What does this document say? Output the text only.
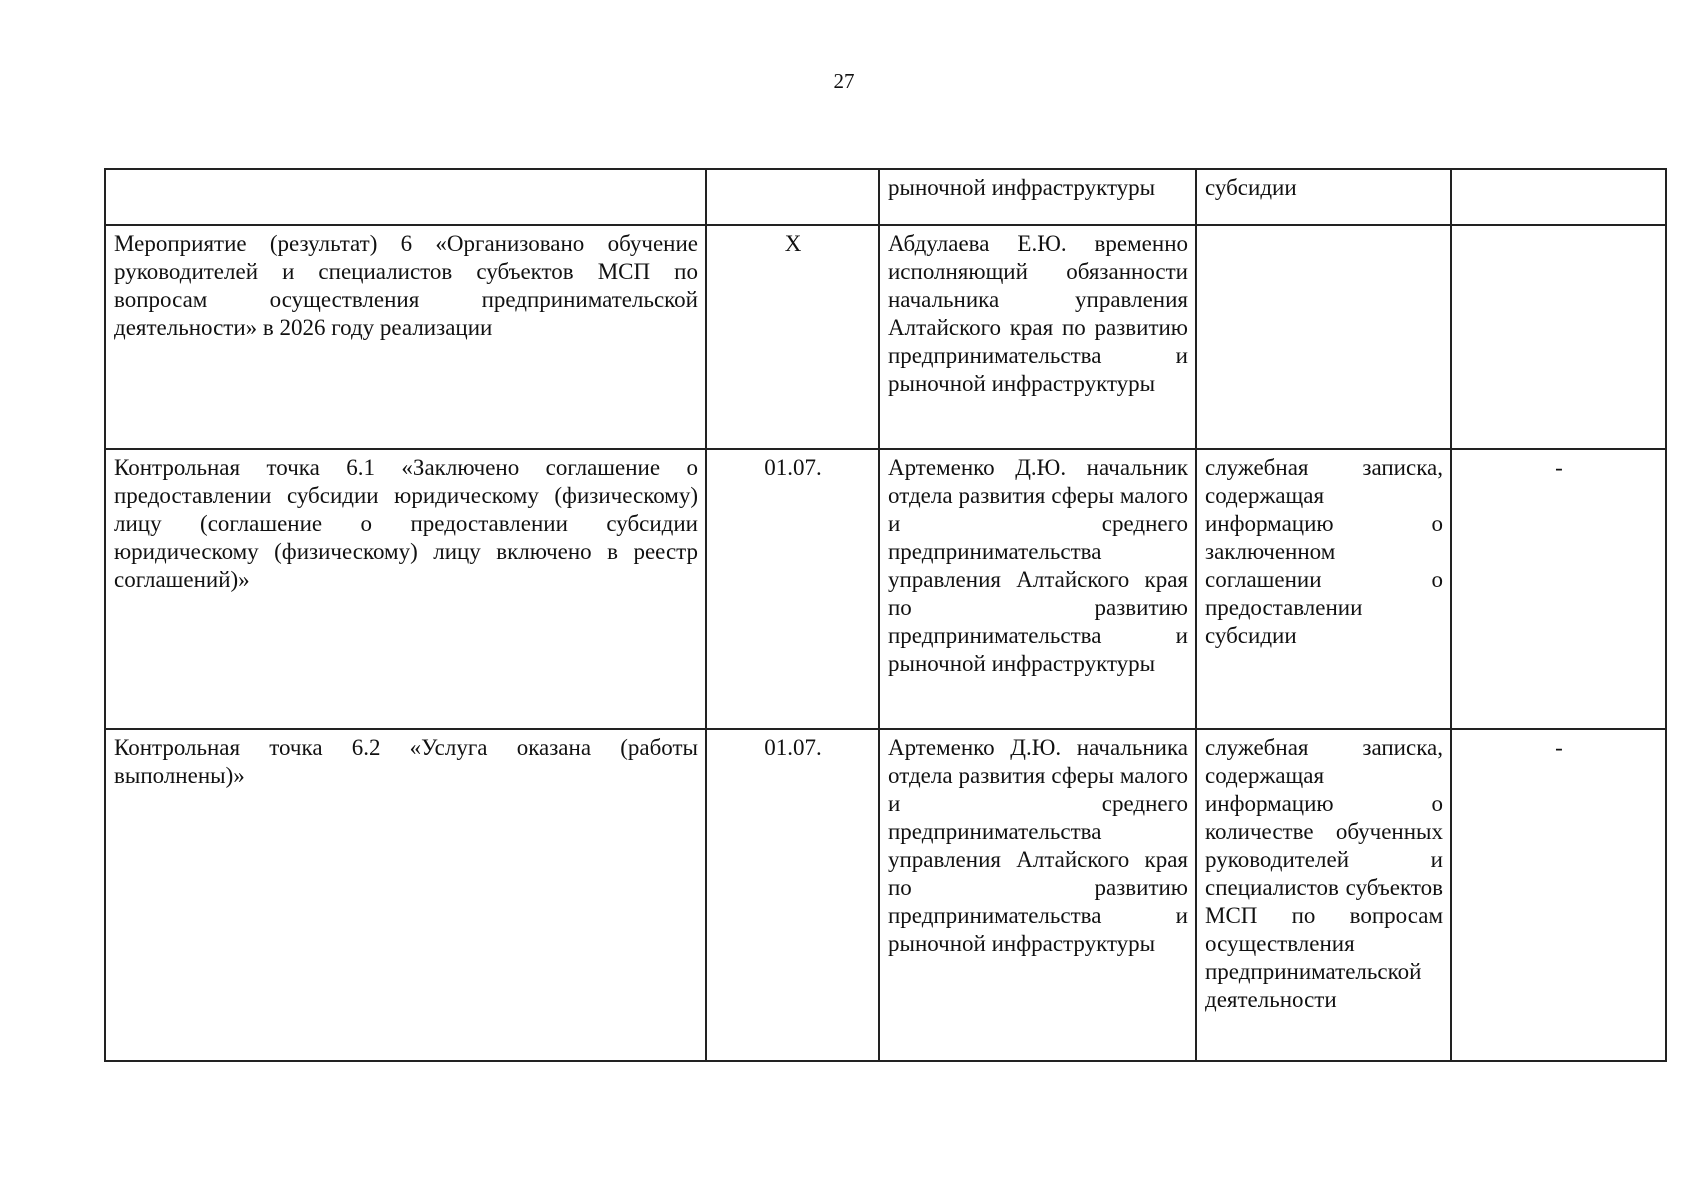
27

		рыночной инфраструктуры	субсидии	

Мероприятие (результат) 6 «Организовано обучение руководителей и специалистов субъектов МСП по вопросам осуществления предпринимательской деятельности» в 2026 году реализации	Х	Абдулаева Е.Ю. временно исполняющий обязанности начальника управления Алтайского края по развитию предпринимательства и рыночной инфраструктуры		

Контрольная точка 6.1 «Заключено соглашение о предоставлении субсидии юридическому (физическому) лицу (соглашение о предоставлении субсидии юридическому (физическому) лицу включено в реестр соглашений)»	01.07.	Артеменко Д.Ю. начальник отдела развития сферы малого и среднего предпринимательства управления Алтайского края по развитию предпринимательства и рыночной инфраструктуры	служебная записка, содержащая информацию о заключенном соглашении о предоставлении субсидии	-

Контрольная точка 6.2 «Услуга оказана (работы выполнены)»	01.07.	Артеменко Д.Ю. начальника отдела развития сферы малого и среднего предпринимательства управления Алтайского края по развитию предпринимательства и рыночной инфраструктуры	служебная записка, содержащая информацию о количестве обученных руководителей и специалистов субъектов МСП по вопросам осуществления предпринимательской деятельности	-
